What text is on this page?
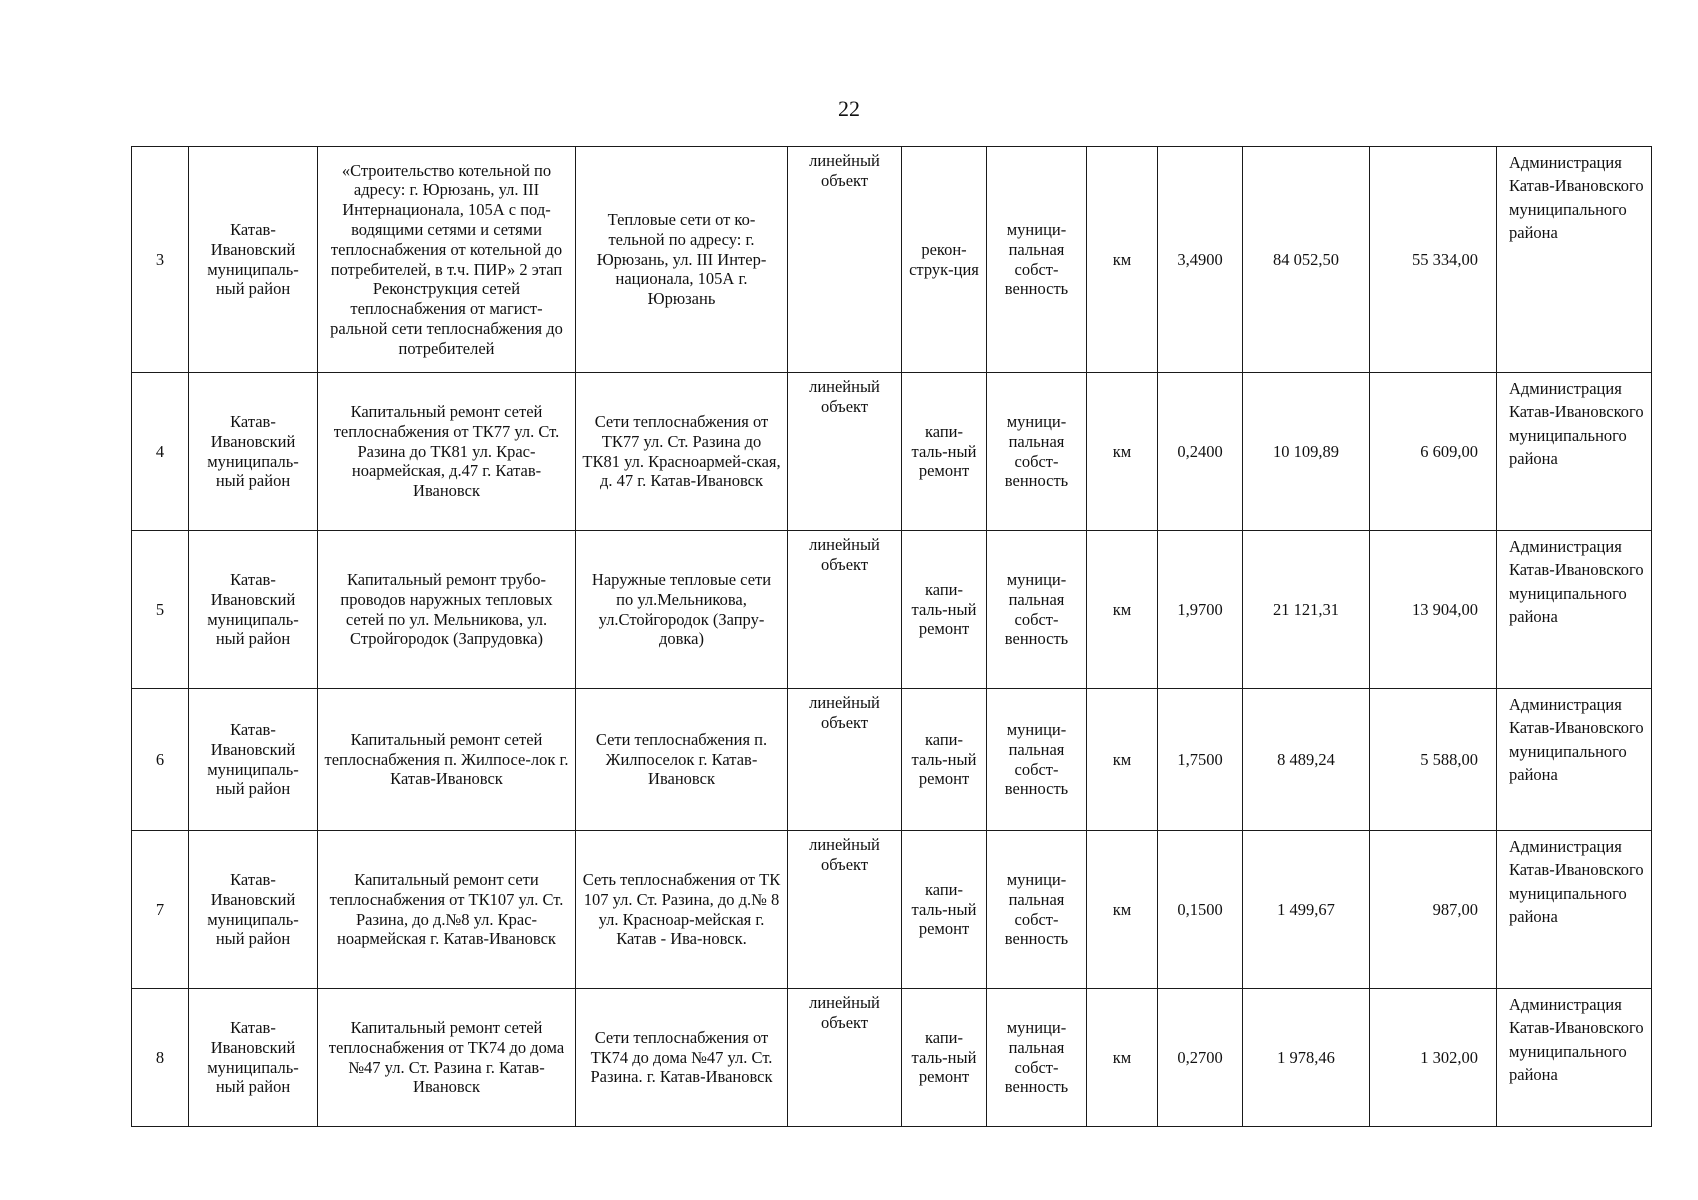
22
3	Катав-Ивановский муниципаль-ный район	«Строительство котельной по адресу: г. Юрюзань, ул. III Интернационала, 105А с под-водящими сетями и сетями теплоснабжения от котельной до потребителей, в т.ч. ПИР» 2 этап Реконструкция сетей теплоснабжения от магист-ральной сети теплоснабжения до потребителей	Тепловые сети от ко-тельной по адресу: г. Юрюзань, ул. III Интер-национала, 105А г. Юрюзань	линейный объект	рекон-струк-ция	муници-пальная собст-венность	км	3,4900	84 052,50	55 334,00	Администрация Катав-Ивановского муниципального района
4	Катав-Ивановский муниципаль-ный район	Капитальный ремонт сетей теплоснабжения от ТК77 ул. Ст. Разина до ТК81 ул. Крас-ноармейская, д.47 г. Катав-Ивановск	Сети теплоснабжения от ТК77 ул. Ст. Разина до ТК81 ул. Красноармей-ская, д. 47 г. Катав-Ивановск	линейный объект	капи-таль-ный ремонт	муници-пальная собст-венность	км	0,2400	10 109,89	6 609,00	Администрация Катав-Ивановского муниципального района
5	Катав-Ивановский муниципаль-ный район	Капитальный ремонт трубо-проводов наружных тепловых сетей по ул. Мельникова, ул. Стройгородок (Запрудовка)	Наружные тепловые сети по ул.Мельникова, ул.Стойгородок (Запру-довка)	линейный объект	капи-таль-ный ремонт	муници-пальная собст-венность	км	1,9700	21 121,31	13 904,00	Администрация Катав-Ивановского муниципального района
6	Катав-Ивановский муниципаль-ный район	Капитальный ремонт сетей теплоснабжения п. Жилпосе-лок г. Катав-Ивановск	Сети теплоснабжения п. Жилпоселок г. Катав-Ивановск	линейный объект	капи-таль-ный ремонт	муници-пальная собст-венность	км	1,7500	8 489,24	5 588,00	Администрация Катав-Ивановского муниципального района
7	Катав-Ивановский муниципаль-ный район	Капитальный ремонт сети теплоснабжения от ТК107 ул. Ст. Разина, до д.№8 ул. Крас-ноармейская г. Катав-Ивановск	Сеть теплоснабжения от ТК 107 ул. Ст. Разина, до д.№ 8 ул. Красноар-мейская г. Катав - Ива-новск.	линейный объект	капи-таль-ный ремонт	муници-пальная собст-венность	км	0,1500	1 499,67	987,00	Администрация Катав-Ивановского муниципального района
8	Катав-Ивановский муниципаль-ный район	Капитальный ремонт сетей теплоснабжения от ТК74 до дома №47 ул. Ст. Разина г. Катав-Ивановск	Сети теплоснабжения от ТК74 до дома №47 ул. Ст. Разина. г. Катав-Ивановск	линейный объект	капи-таль-ный ремонт	муници-пальная собст-венность	км	0,2700	1 978,46	1 302,00	Администрация Катав-Ивановского муниципального района
